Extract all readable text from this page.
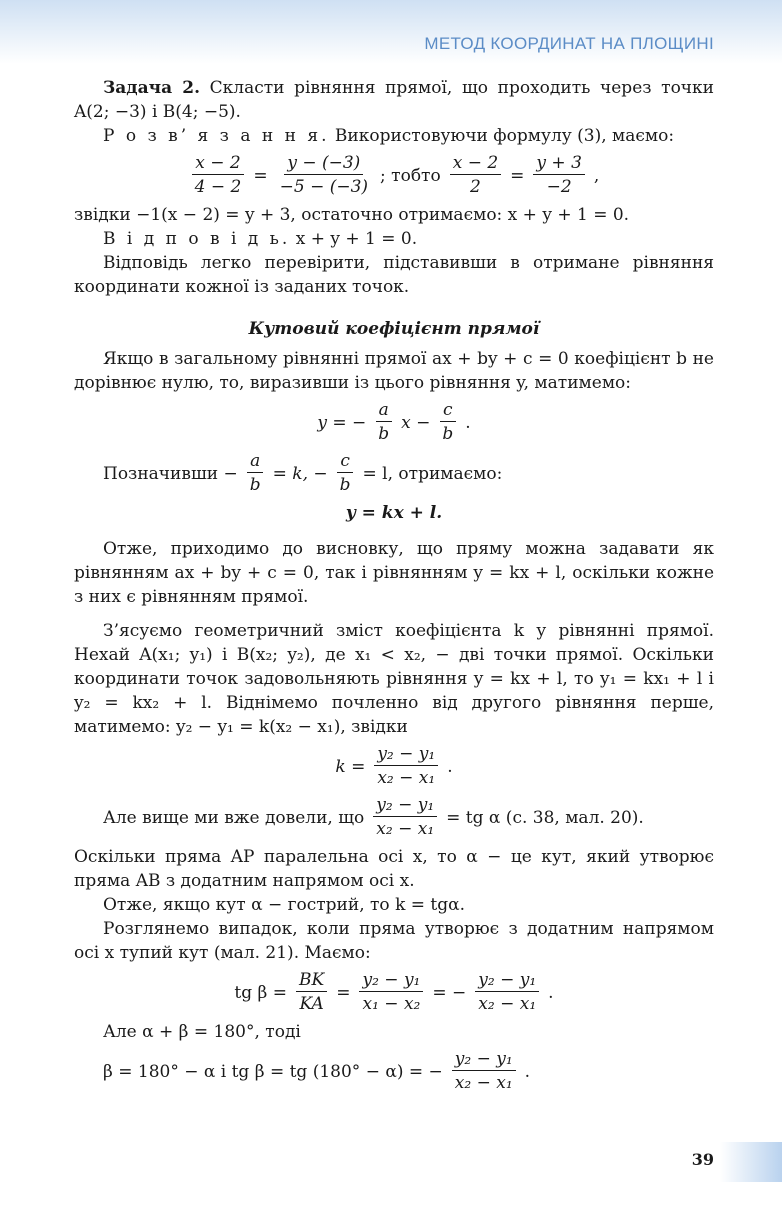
МЕТОД КООРДИНАТ НА ПЛОЩИНІ

Задача 2. Скласти рівняння прямої, що проходить через точки A(2; −3) і B(4; −5).

Р о з в’ я з а н н я. Використовуючи формулу (3), маємо:

$\frac{x - 2}{4 - 2} = \frac{y - (-3)}{-5 - (-3)}$ ; тобто $\frac{x - 2}{2} = \frac{y + 3}{-2}$ ,

звідки −1(x − 2) = y + 3, остаточно отримаємо: x + y + 1 = 0.

В і д п о в і д ь. x + y + 1 = 0.

Відповідь легко перевірити, підставивши в отримане рівняння координати кожної із заданих точок.

Кутовий коефіцієнт прямої

Якщо в загальному рівнянні прямої ax + by + c = 0 коефіцієнт b не дорівнює нулю, то, виразивши із цього рівняння y, матимемо:

y = − $\frac{a}{b}$ $x - \frac{c}{b}$ .
Позначивши − $\frac{a}{b} = k$, − $\frac{c}{b} = l$, отримаємо:
y = kx + l.

Отже, приходимо до висновку, що пряму можна задавати як рівнянням ax + by + c = 0, так і рівнянням y = kx + l, оскільки кожне з них є рівнянням прямої.

З’ясуємо геометричний зміст коефіцієнта k у рівнянні прямої. Нехай A(x₁; y₁) і B(x₂; y₂), де x₁ < x₂, − дві точки прямої. Оскільки координати точок задовольняють рівняння y = kx + l, то y₁ = kx₁ + l і y₂ = kx₂ + l. Віднімемо почленно від другого рівняння перше, матимемо: y₂ − y₁ = k(x₂ − x₁), звідки

$k = \frac{\text{y₂ − y₁}}{\text{x₂ − x₁}}$ .
Але вище ми вже довели, що $\frac{\text{y₂ − y₁}}{\text{x₂ − x₁}}$ = tg α (с. 38, мал. 20).

Оскільки пряма AP паралельна осі x, то α − це кут, який утворює пряма AB з додатним напрямом осі x.

Отже, якщо кут α − гострий, то k = tgα.

Розглянемо випадок, коли пряма утворює з додатним напрямом осі x тупий кут (мал. 21). Маємо:

tg $\beta = \frac{BK}{KA} = \frac{\text{y₂ − y₁}}{\text{x₁ − x₂}}$ = − $\frac{\text{y₂ − y₁}}{\text{x₂ − x₁}}$ .

Але α + β = 180°, тоді

β = 180° − α і tg β = tg (180° − α) = − $\frac{\text{y₂ − y₁}}{\text{x₂ − x₁}}$ .
39
